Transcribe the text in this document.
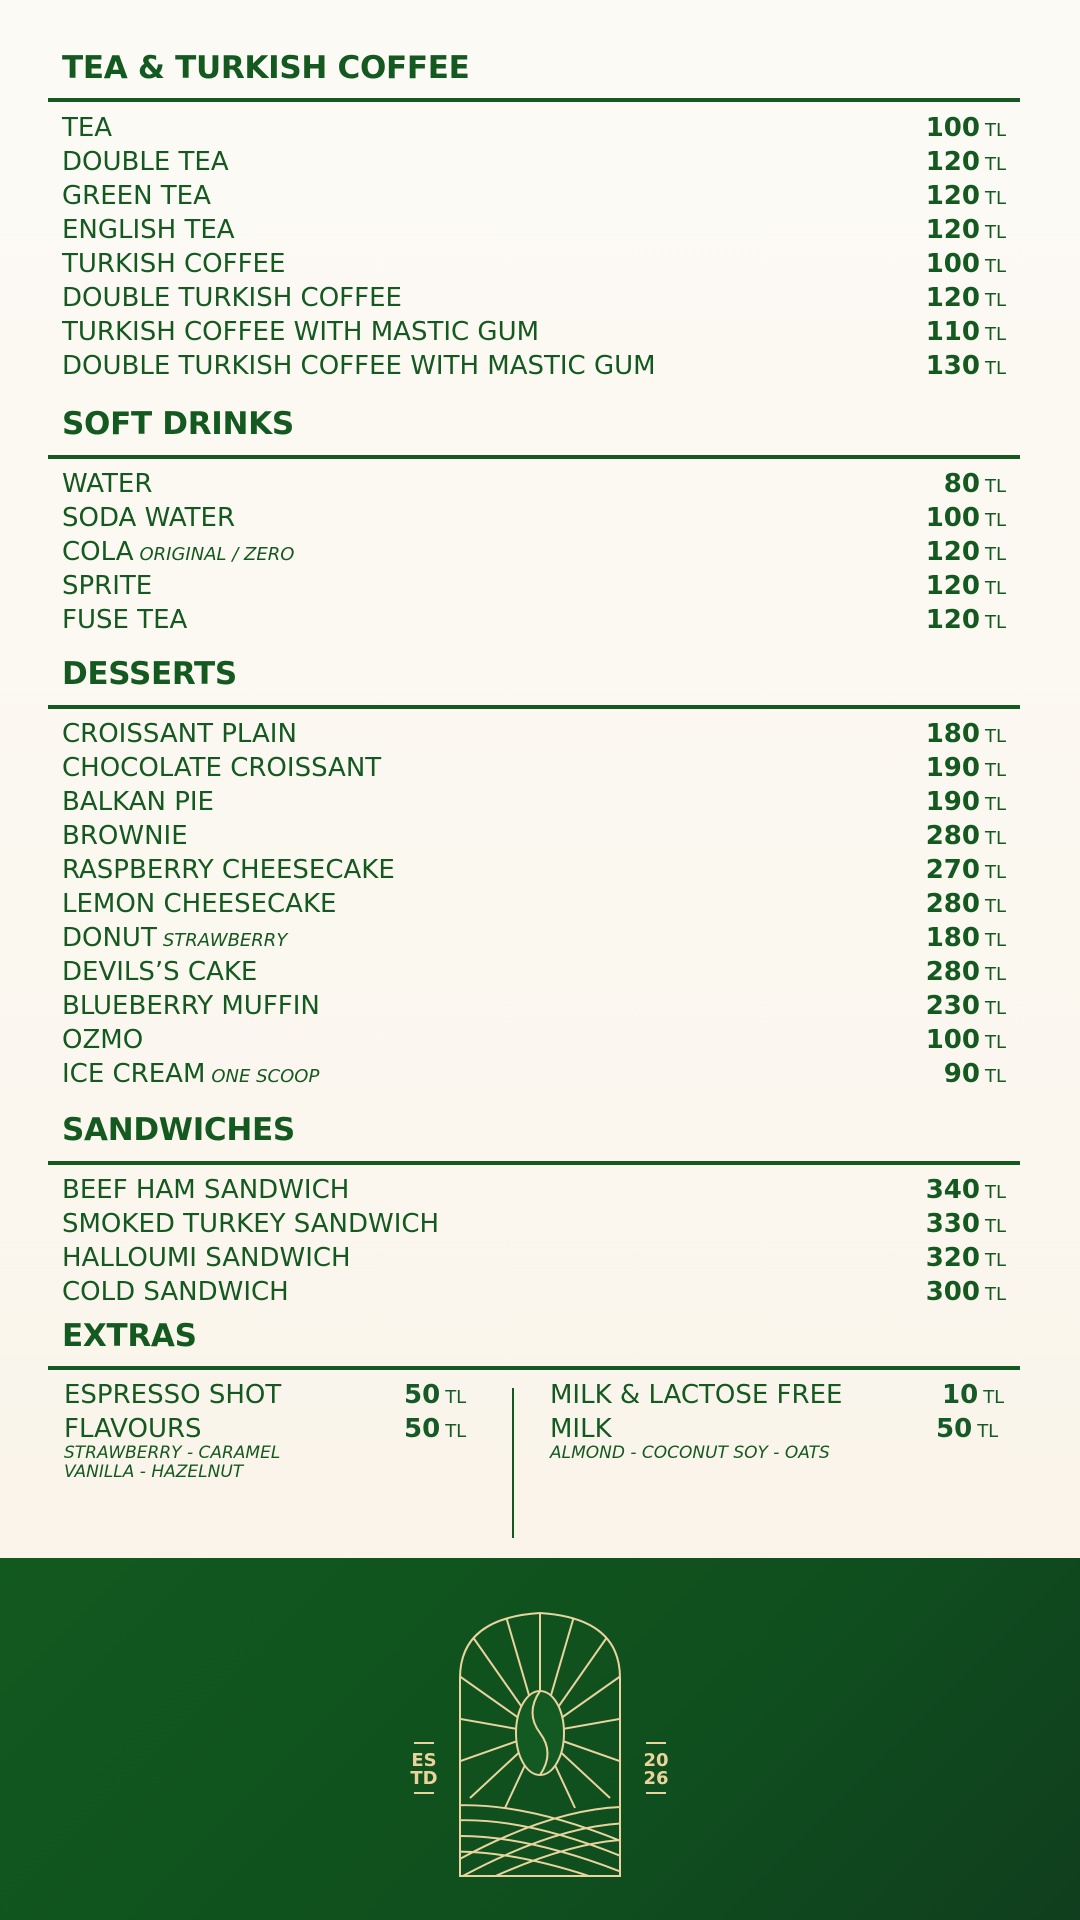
TEA & TURKISH COFFEE
TEA	100 TL
DOUBLE TEA	120 TL
GREEN TEA	120 TL
ENGLISH TEA	120 TL
TURKISH COFFEE	100 TL
DOUBLE TURKISH COFFEE	120 TL
TURKISH COFFEE WITH MASTIC GUM	110 TL
DOUBLE TURKISH COFFEE WITH MASTIC GUM	130 TL
SOFT DRINKS
WATER	80 TL
SODA WATER	100 TL
COLA ORIGINAL / ZERO	120 TL
SPRITE	120 TL
FUSE TEA	120 TL
DESSERTS
CROISSANT PLAIN	180 TL
CHOCOLATE CROISSANT	190 TL
BALKAN PIE	190 TL
BROWNIE	280 TL
RASPBERRY CHEESECAKE	270 TL
LEMON CHEESECAKE	280 TL
DONUT STRAWBERRY	180 TL
DEVILS’S CAKE	280 TL
BLUEBERRY MUFFIN	230 TL
OZMO	100 TL
ICE CREAM ONE SCOOP	90 TL
SANDWICHES
BEEF HAM SANDWICH	340 TL
SMOKED TURKEY SANDWICH	330 TL
HALLOUMI SANDWICH	320 TL
COLD SANDWICH	300 TL
EXTRAS
ESPRESSO SHOT	50 TL
FLAVOURS	50 TL
STRAWBERRY - CARAMEL
VANILLA - HAZELNUT
MILK & LACTOSE FREE	10 TL
MILK	50 TL
ALMOND - COCONUT SOY - OATS
ES
TD
20
26
